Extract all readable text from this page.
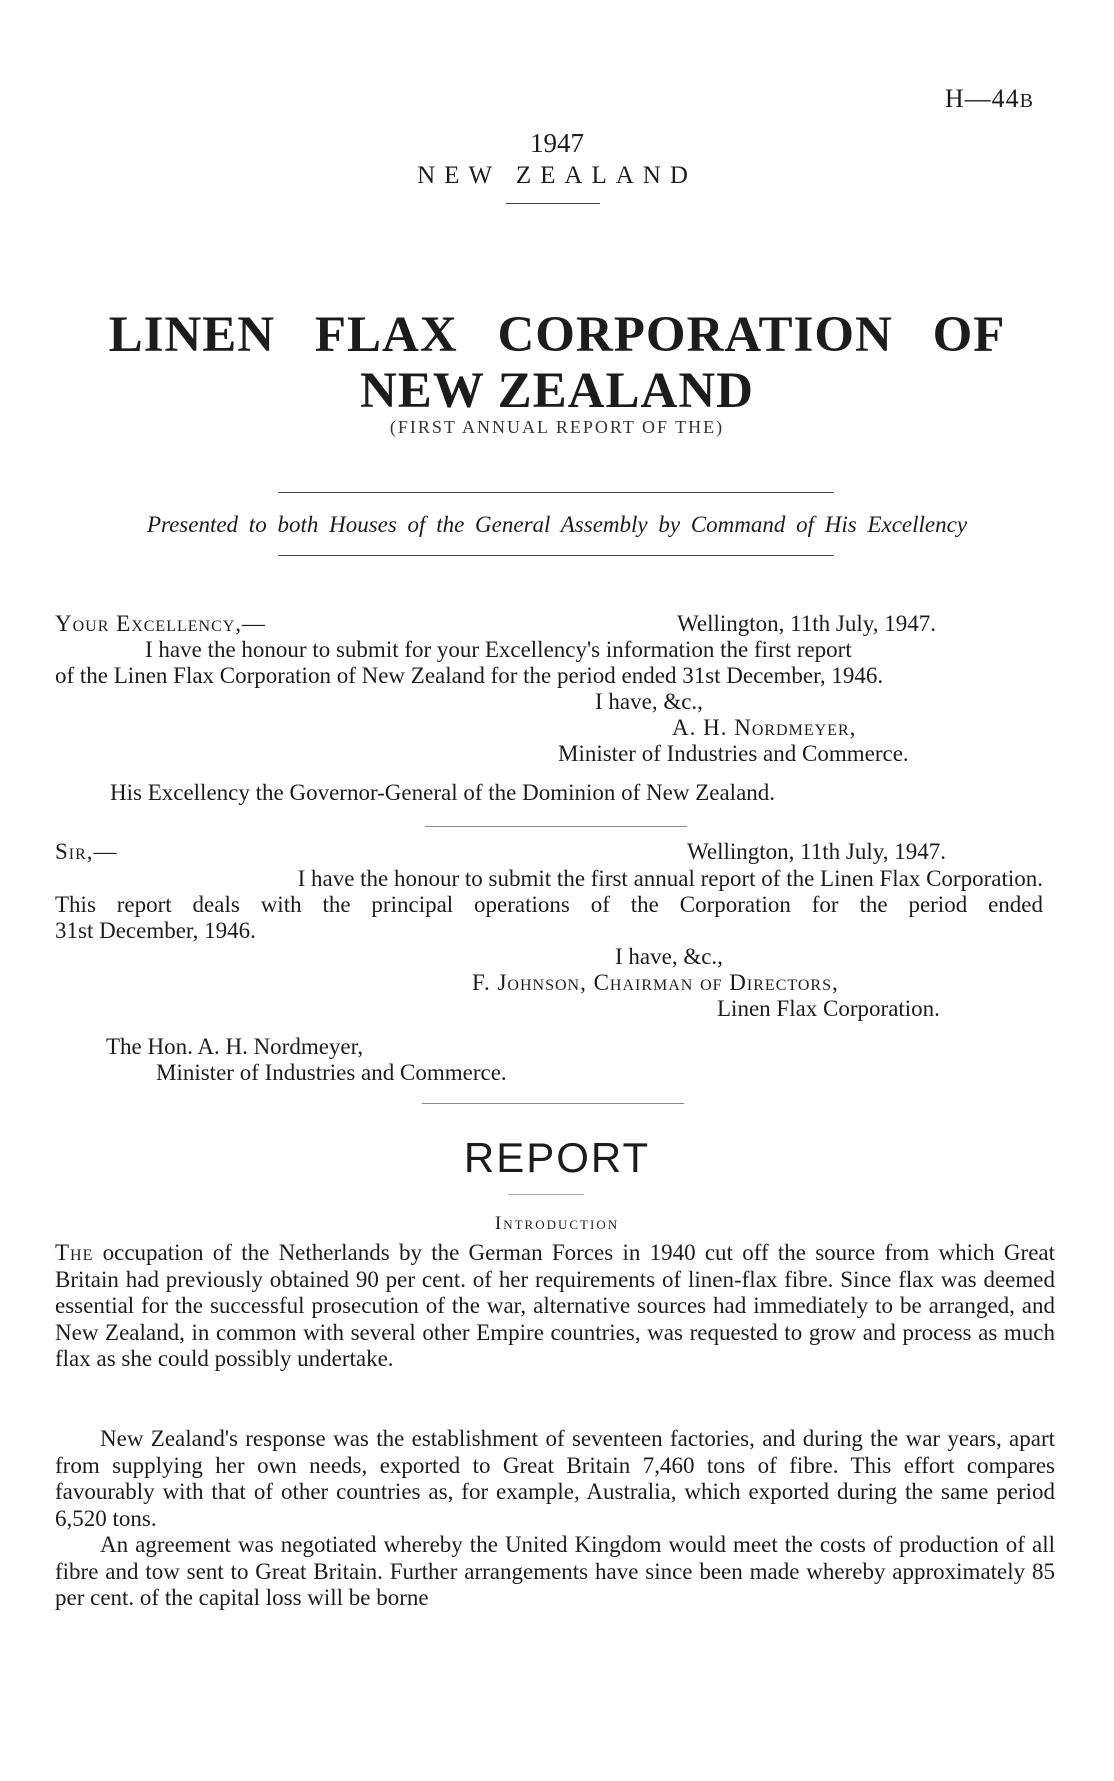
H—44B
1947
NEW ZEALAND
LINEN FLAX CORPORATION OF
NEW ZEALAND
(FIRST ANNUAL REPORT OF THE)
Presented to both Houses of the General Assembly by Command of His Excellency
Your Excellency,—	Wellington, 11th July, 1947.
I have the honour to submit for your Excellency's information the first report
of the Linen Flax Corporation of New Zealand for the period ended 31st December, 1946.
I have, &c.,
A. H. Nordmeyer,
Minister of Industries and Commerce.
His Excellency the Governor-General of the Dominion of New Zealand.
Sir,—	Wellington, 11th July, 1947.
I have the honour to submit the first annual report of the Linen Flax Corporation.
This report deals with the principal operations of the Corporation for the period ended
31st December, 1946.
I have, &c.,
F. Johnson, Chairman of Directors,
Linen Flax Corporation.
The Hon. A. H. Nordmeyer,
Minister of Industries and Commerce.
REPORT
Introduction
The occupation of the Netherlands by the German Forces in 1940 cut off the source from which Great Britain had previously obtained 90 per cent. of her requirements of linen-flax fibre. Since flax was deemed essential for the successful prosecution of the war, alternative sources had immediately to be arranged, and New Zealand, in common with several other Empire countries, was requested to grow and process as much flax as she could possibly undertake.
New Zealand's response was the establishment of seventeen factories, and during the war years, apart from supplying her own needs, exported to Great Britain 7,460 tons of fibre. This effort compares favourably with that of other countries as, for example, Australia, which exported during the same period 6,520 tons.
An agreement was negotiated whereby the United Kingdom would meet the costs of production of all fibre and tow sent to Great Britain. Further arrangements have since been made whereby approximately 85 per cent. of the capital loss will be borne
